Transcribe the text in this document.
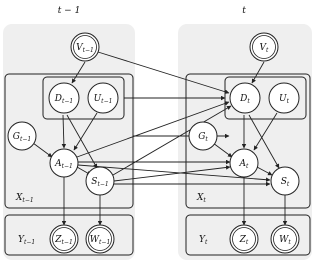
t − 1	t
$V_{t-1}$
$D_{t-1}$ $U_{t-1}$
$G_{t-1}$
$A_{t-1}$
$S_{t-1}$
$X_{t-1}$
$Y_{t-1}$ $Z_{t-1}$ $W_{t-1}$
$V_t$
$D_t$	$U_t$
$G_t$
$A_t$
$S_t$
$X_t$
$Y_t$	$Z_t$	$W_t$
